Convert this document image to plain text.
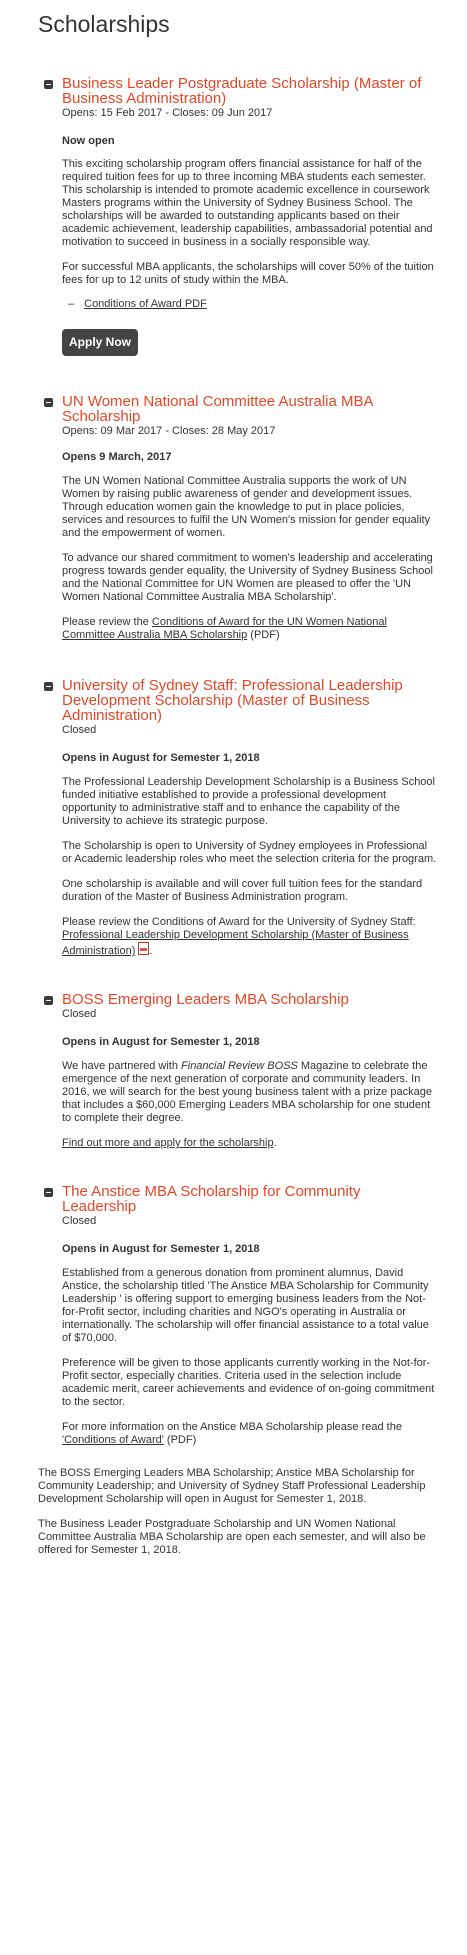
Scholarships
Business Leader Postgraduate Scholarship (Master of Business Administration)
Opens: 15 Feb 2017 - Closes: 09 Jun 2017
Now open

This exciting scholarship program offers financial assistance for half of the required tuition fees for up to three incoming MBA students each semester. This scholarship is intended to promote academic excellence in coursework Masters programs within the University of Sydney Business School. The scholarships will be awarded to outstanding applicants based on their academic achievement, leadership capabilities, ambassadorial potential and motivation to succeed in business in a socially responsible way.

For successful MBA applicants, the scholarships will cover 50% of the tuition fees for up to 12 units of study within the MBA.

– Conditions of Award PDF

Apply Now
UN Women National Committee Australia MBA Scholarship
Opens: 09 Mar 2017 - Closes: 28 May 2017
Opens 9 March, 2017

The UN Women National Committee Australia supports the work of UN Women by raising public awareness of gender and development issues. Through education women gain the knowledge to put in place policies, services and resources to fulfil the UN Women's mission for gender equality and the empowerment of women.

To advance our shared commitment to women's leadership and accelerating progress towards gender equality, the University of Sydney Business School and the National Committee for UN Women are pleased to offer the 'UN Women National Committee Australia MBA Scholarship'.

Please review the Conditions of Award for the UN Women National Committee Australia MBA Scholarship (PDF)

University of Sydney Staff: Professional Leadership Development Scholarship (Master of Business Administration)
Closed
Opens in August for Semester 1, 2018

The Professional Leadership Development Scholarship is a Business School funded initiative established to provide a professional development opportunity to administrative staff and to enhance the capability of the University to achieve its strategic purpose.

The Scholarship is open to University of Sydney employees in Professional or Academic leadership roles who meet the selection criteria for the program.

One scholarship is available and will cover full tuition fees for the standard duration of the Master of Business Administration program.

Please review the Conditions of Award for the University of Sydney Staff: Professional Leadership Development Scholarship (Master of Business Administration) .

BOSS Emerging Leaders MBA Scholarship
Closed
Opens in August for Semester 1, 2018

We have partnered with Financial Review BOSS Magazine to celebrate the emergence of the next generation of corporate and community leaders. In 2016, we will search for the best young business talent with a prize package that includes a $60,000 Emerging Leaders MBA scholarship for one student to complete their degree.

Find out more and apply for the scholarship.

The Anstice MBA Scholarship for Community Leadership
Closed
Opens in August for Semester 1, 2018

Established from a generous donation from prominent alumnus, David Anstice, the scholarship titled 'The Anstice MBA Scholarship for Community Leadership ' is offering support to emerging business leaders from the Not-for-Profit sector, including charities and NGO's operating in Australia or internationally. The scholarship will offer financial assistance to a total value of $70,000.

Preference will be given to those applicants currently working in the Not-for-Profit sector, especially charities. Criteria used in the selection include academic merit, career achievements and evidence of on-going commitment to the sector.

For more information on the Anstice MBA Scholarship please read the 'Conditions of Award' (PDF)

The BOSS Emerging Leaders MBA Scholarship; Anstice MBA Scholarship for Community Leadership; and University of Sydney Staff Professional Leadership Development Scholarship will open in August for Semester 1, 2018.

The Business Leader Postgraduate Scholarship and UN Women National Committee Australia MBA Scholarship are open each semester, and will also be offered for Semester 1, 2018.
